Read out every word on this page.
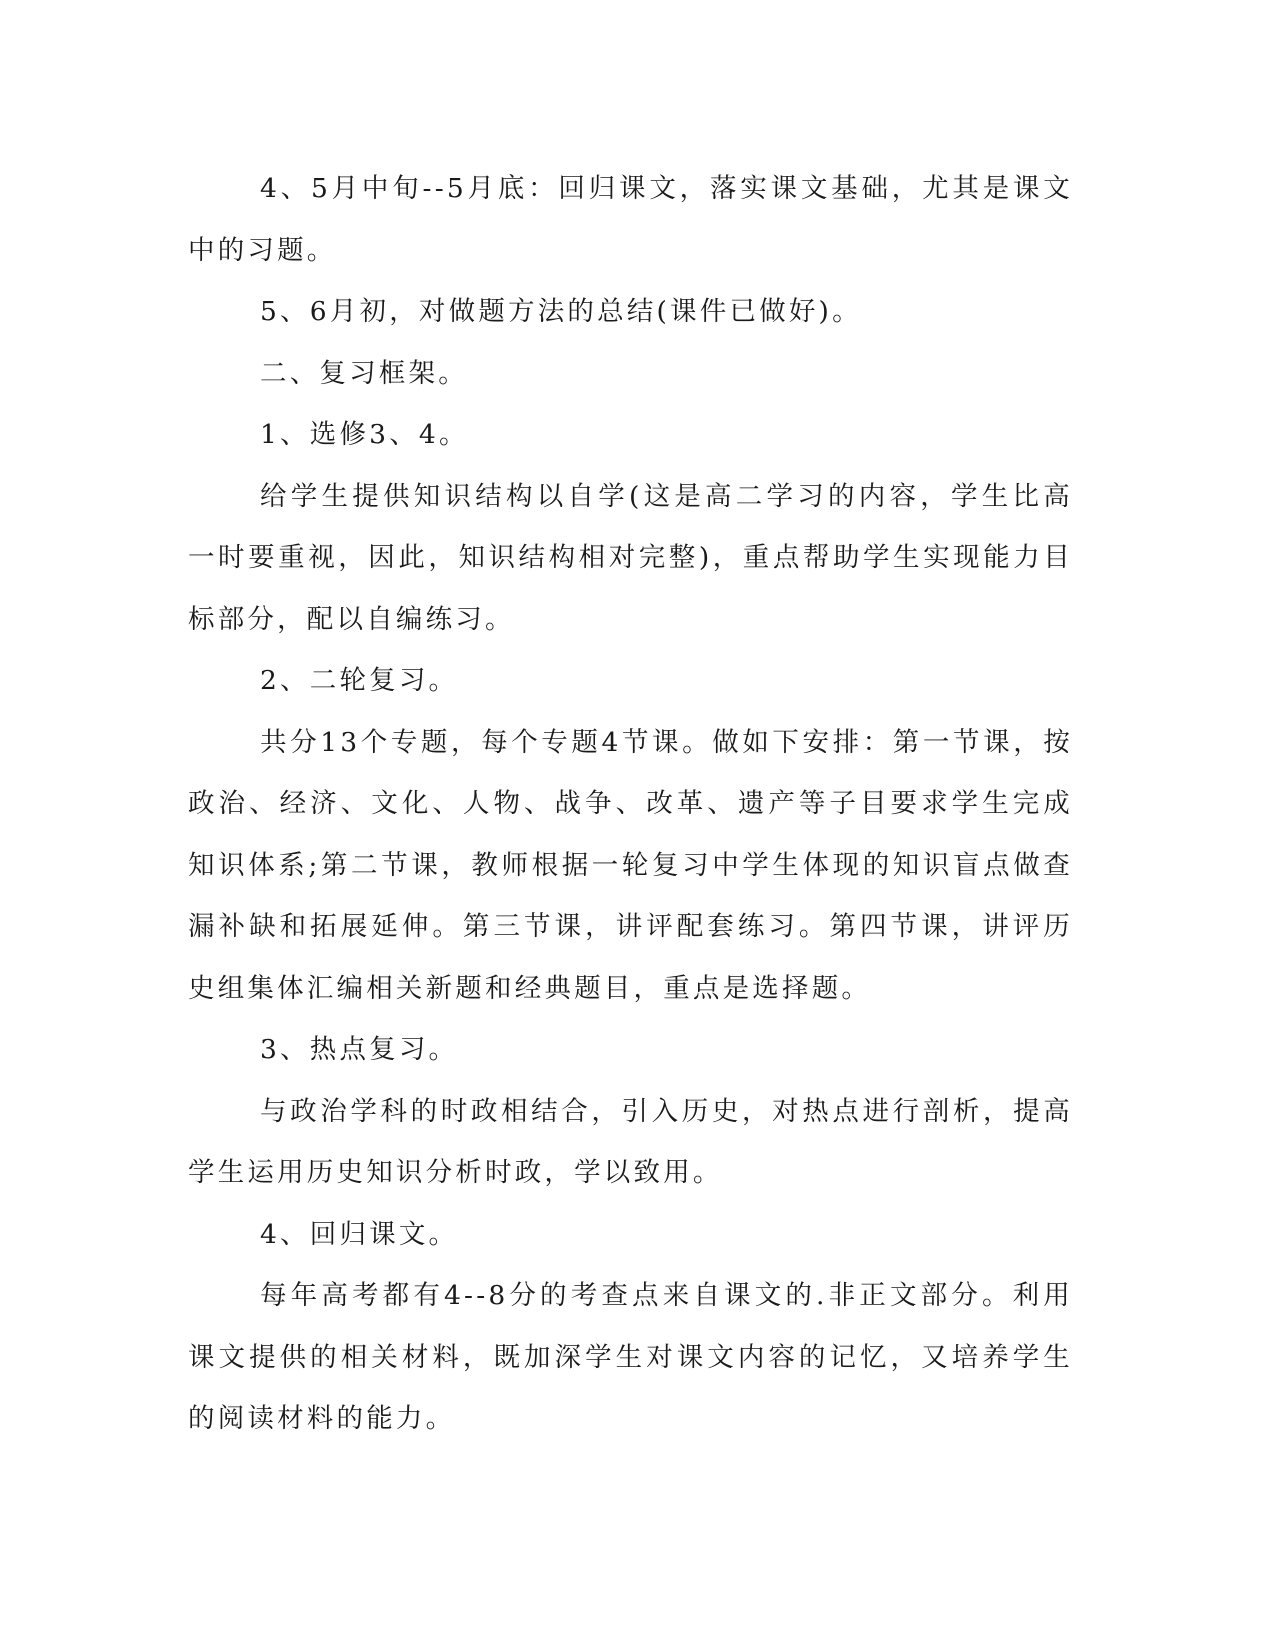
4、5月中旬--5月底：回归课文，落实课文基础，尤其是课文中的习题。

5、6月初，对做题方法的总结(课件已做好)。

二、复习框架。

1、选修3、4。

给学生提供知识结构以自学(这是高二学习的内容，学生比高一时要重视，因此，知识结构相对完整)，重点帮助学生实现能力目标部分，配以自编练习。

2、二轮复习。

共分13个专题，每个专题4节课。做如下安排：第一节课，按政治、经济、文化、人物、战争、改革、遗产等子目要求学生完成知识体系;第二节课，教师根据一轮复习中学生体现的知识盲点做查漏补缺和拓展延伸。第三节课，讲评配套练习。第四节课，讲评历史组集体汇编相关新题和经典题目，重点是选择题。

3、热点复习。

与政治学科的时政相结合，引入历史，对热点进行剖析，提高学生运用历史知识分析时政，学以致用。

4、回归课文。

每年高考都有4--8分的考查点来自课文的.非正文部分。利用课文提供的相关材料，既加深学生对课文内容的记忆，又培养学生的阅读材料的能力。
